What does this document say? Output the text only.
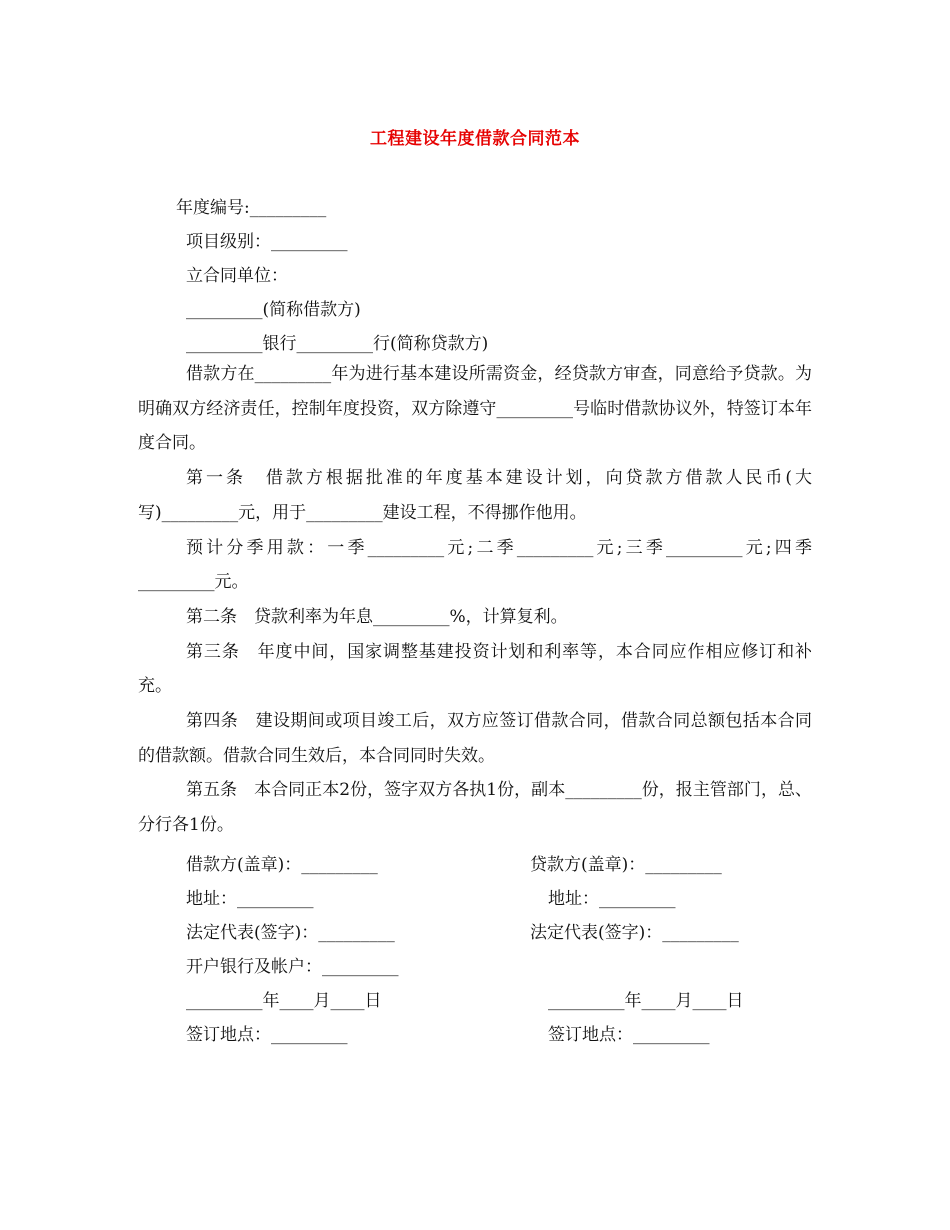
工程建设年度借款合同范本
年度编号:_________
项目级别：_________
立合同单位：
_________(简称借款方)
_________银行_________行(简称贷款方)

借款方在_________年为进行基本建设所需资金，经贷款方审查，同意给予贷款。为明确双方经济责任，控制年度投资，双方除遵守_________号临时借款协议外，特签订本年度合同。

第一条　借款方根据批准的年度基本建设计划，向贷款方借款人民币(大写)_________元，用于_________建设工程，不得挪作他用。

预计分季用款：一季_________元;二季_________元;三季_________元;四季_________元。

第二条　贷款利率为年息_________%，计算复利。

第三条　年度中间，国家调整基建投资计划和利率等，本合同应作相应修订和补充。

第四条　建设期间或项目竣工后，双方应签订借款合同，借款合同总额包括本合同的借款额。借款合同生效后，本合同同时失效。

第五条　本合同正本2份，签字双方各执1份，副本_________份，报主管部门，总、分行各1份。

借款方(盖章)：_________
地址：_________
法定代表(签字)：_________
开户银行及帐户：_________
_________年____月____日
签订地点：_________
贷款方(盖章)：_________
地址：_________
法定代表(签字)：_________
_________年____月____日
签订地点：_________
